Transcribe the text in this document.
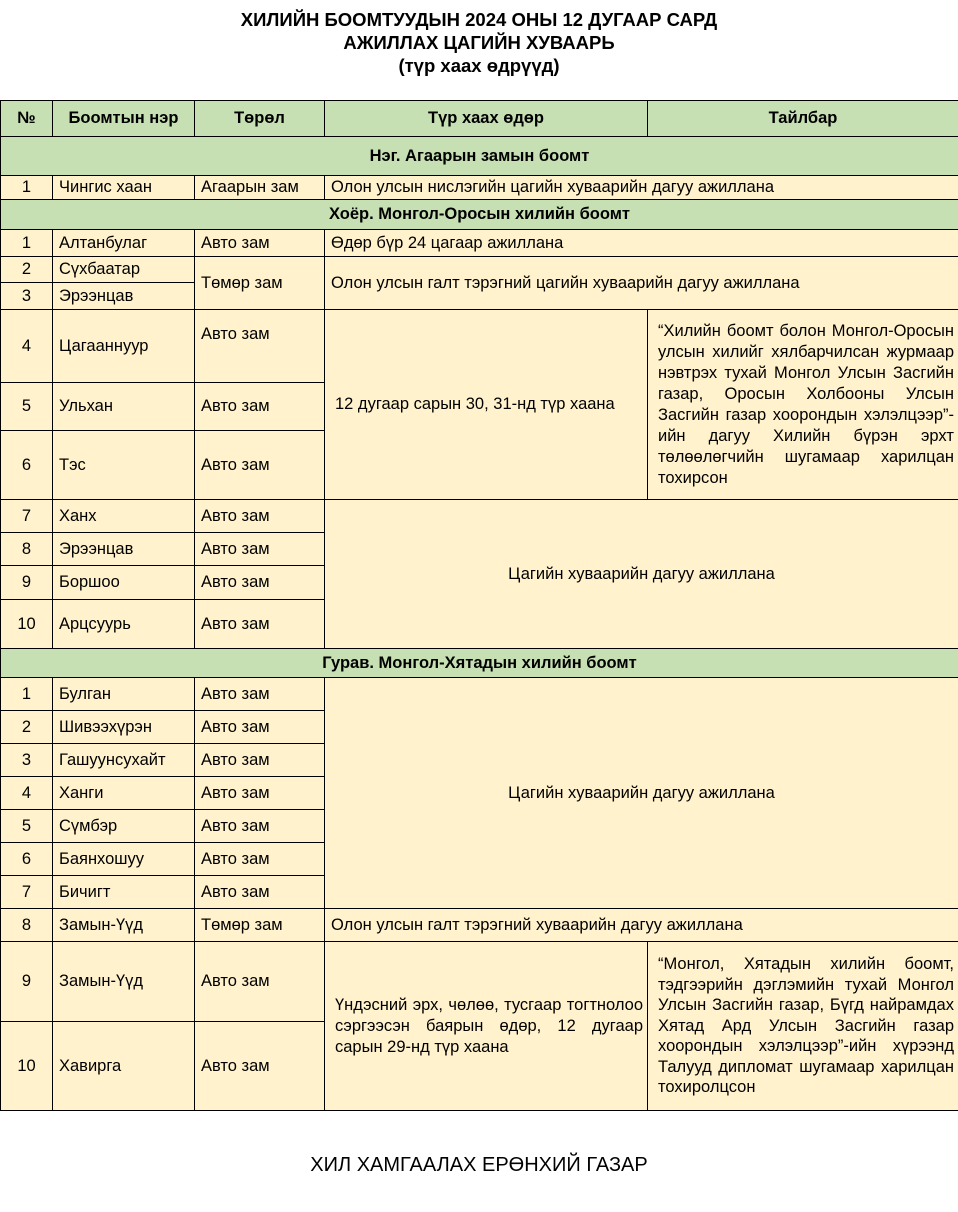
ХИЛИЙН БООМТУУДЫН 2024 ОНЫ 12 ДУГААР САРД
АЖИЛЛАХ ЦАГИЙН ХУВААРЬ
(түр хаах өдрүүд)
№	Боомтын нэр	Төрөл	Түр хаах өдөр	Тайлбар
Нэг. Агаарын замын боомт				
1	Чингис хаан	Агаарын зам	Олон улсын нислэгийн цагийн хуваарийн дагуу ажиллана	
Хоёр. Монгол-Оросын хилийн боомт				
1	Алтанбулаг	Авто зам	Өдөр бүр 24 цагаар ажиллана	
2	Сүхбаатар	Төмөр зам	Олон улсын галт тэрэгний цагийн хуваарийн дагуу ажиллана	
3	Эрээнцав			
4	Цагааннуур	Авто зам	12 дугаар сарын 30, 31-нд түр хаана	“Хилийн боомт болон Монгол-Оросын улсын хилийг хялбарчилсан журмаар нэвтрэх тухай Монгол Улсын Засгийн газар, Оросын Холбооны Улсын Засгийн газар хоорондын хэлэлцээр”-ийн дагуу Хилийн бүрэн эрхт төлөөлөгчийн шугамаар харилцан тохирсон
5	Ульхан	Авто зам		
6	Тэс	Авто зам		
7	Ханх	Авто зам	Цагийн хуваарийн дагуу ажиллана	
8	Эрээнцав	Авто зам		
9	Боршоо	Авто зам		
10	Арцсуурь	Авто зам		
Гурав. Монгол-Хятадын хилийн боомт				
1	Булган	Авто зам	Цагийн хуваарийн дагуу ажиллана	
2	Шивээхүрэн	Авто зам		
3	Гашуунсухайт	Авто зам		
4	Ханги	Авто зам		
5	Сүмбэр	Авто зам		
6	Баянхошуу	Авто зам		
7	Бичигт	Авто зам		
8	Замын-Үүд	Төмөр зам	Олон улсын галт тэрэгний хуваарийн дагуу ажиллана	
9	Замын-Үүд	Авто зам	Үндэсний эрх, чөлөө, тусгаар тогтнолоо сэргээсэн баярын өдөр, 12 дугаар сарын 29-нд түр хаана	“Монгол, Хятадын хилийн боомт, тэдгээрийн дэглэмийн тухай Монгол Улсын Засгийн газар, Бүгд найрамдах Хятад Ард Улсын Засгийн газар хоорондын хэлэлцээр”-ийн хүрээнд Талууд дипломат шугамаар харилцан тохиролцсон
10	Хавирга	Авто зам		
ХИЛ ХАМГААЛАХ ЕРӨНХИЙ ГАЗАР
